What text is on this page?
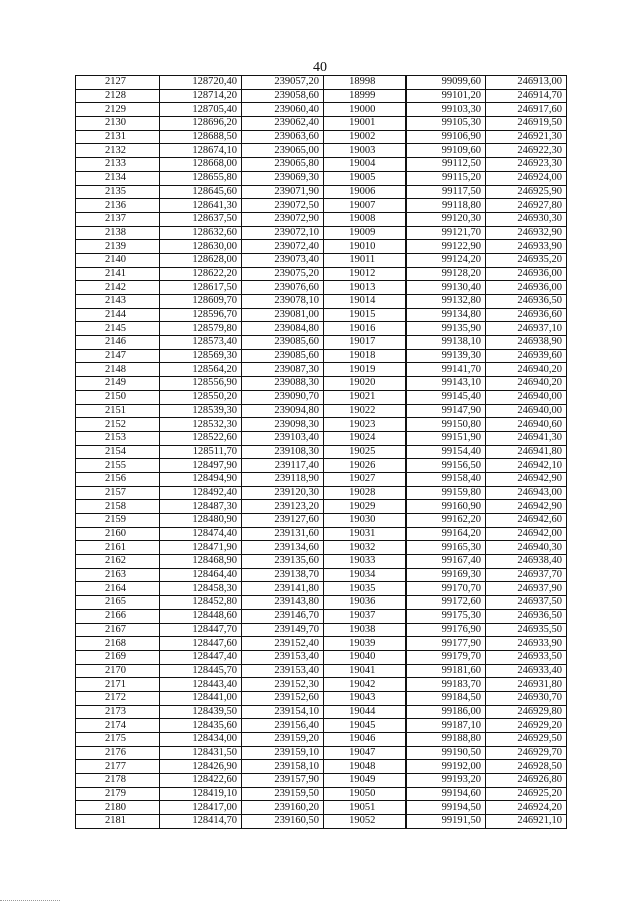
40
2127	128720,40	239057,20	18998	99099,60	246913,00
2128	128714,20	239058,60	18999	99101,20	246914,70
2129	128705,40	239060,40	19000	99103,30	246917,60
2130	128696,20	239062,40	19001	99105,30	246919,50
2131	128688,50	239063,60	19002	99106,90	246921,30
2132	128674,10	239065,00	19003	99109,60	246922,30
2133	128668,00	239065,80	19004	99112,50	246923,30
2134	128655,80	239069,30	19005	99115,20	246924,00
2135	128645,60	239071,90	19006	99117,50	246925,90
2136	128641,30	239072,50	19007	99118,80	246927,80
2137	128637,50	239072,90	19008	99120,30	246930,30
2138	128632,60	239072,10	19009	99121,70	246932,90
2139	128630,00	239072,40	19010	99122,90	246933,90
2140	128628,00	239073,40	19011	99124,20	246935,20
2141	128622,20	239075,20	19012	99128,20	246936,00
2142	128617,50	239076,60	19013	99130,40	246936,00
2143	128609,70	239078,10	19014	99132,80	246936,50
2144	128596,70	239081,00	19015	99134,80	246936,60
2145	128579,80	239084,80	19016	99135,90	246937,10
2146	128573,40	239085,60	19017	99138,10	246938,90
2147	128569,30	239085,60	19018	99139,30	246939,60
2148	128564,20	239087,30	19019	99141,70	246940,20
2149	128556,90	239088,30	19020	99143,10	246940,20
2150	128550,20	239090,70	19021	99145,40	246940,00
2151	128539,30	239094,80	19022	99147,90	246940,00
2152	128532,30	239098,30	19023	99150,80	246940,60
2153	128522,60	239103,40	19024	99151,90	246941,30
2154	128511,70	239108,30	19025	99154,40	246941,80
2155	128497,90	239117,40	19026	99156,50	246942,10
2156	128494,90	239118,90	19027	99158,40	246942,90
2157	128492,40	239120,30	19028	99159,80	246943,00
2158	128487,30	239123,20	19029	99160,90	246942,90
2159	128480,90	239127,60	19030	99162,20	246942,60
2160	128474,40	239131,60	19031	99164,20	246942,00
2161	128471,90	239134,60	19032	99165,30	246940,30
2162	128468,90	239135,60	19033	99167,40	246938,40
2163	128464,40	239138,70	19034	99169,30	246937,70
2164	128458,30	239141,80	19035	99170,70	246937,90
2165	128452,80	239143,80	19036	99172,60	246937,50
2166	128448,60	239146,70	19037	99175,30	246936,50
2167	128447,70	239149,70	19038	99176,90	246935,50
2168	128447,60	239152,40	19039	99177,90	246933,90
2169	128447,40	239153,40	19040	99179,70	246933,50
2170	128445,70	239153,40	19041	99181,60	246933,40
2171	128443,40	239152,30	19042	99183,70	246931,80
2172	128441,00	239152,60	19043	99184,50	246930,70
2173	128439,50	239154,10	19044	99186,00	246929,80
2174	128435,60	239156,40	19045	99187,10	246929,20
2175	128434,00	239159,20	19046	99188,80	246929,50
2176	128431,50	239159,10	19047	99190,50	246929,70
2177	128426,90	239158,10	19048	99192,00	246928,50
2178	128422,60	239157,90	19049	99193,20	246926,80
2179	128419,10	239159,50	19050	99194,60	246925,20
2180	128417,00	239160,20	19051	99194,50	246924,20
2181	128414,70	239160,50	19052	99191,50	246921,10
